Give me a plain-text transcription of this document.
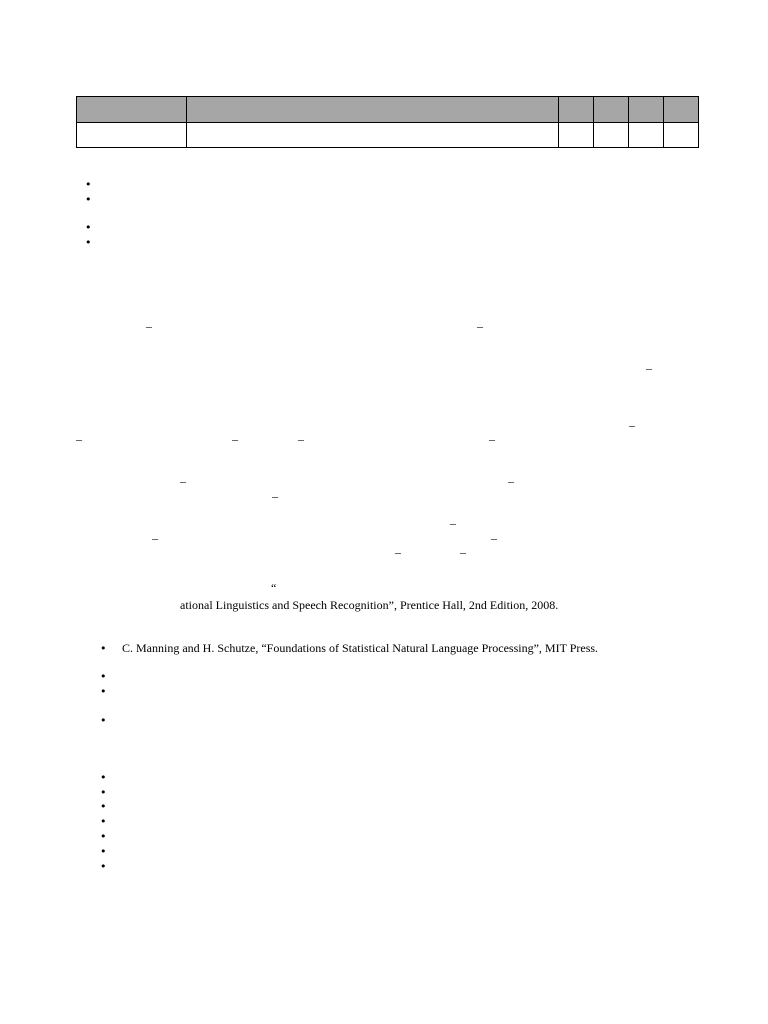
•
•
•
•
–	–
–
–
–	–	–	–
–	–
–
–
–	–
–	–
“
ational Linguistics and Speech Recognition”, Prentice Hall, 2nd Edition, 2008.
• C. Manning and H. Schutze, “Foundations of Statistical Natural Language Processing”, MIT Press.
•
•
•
•
•
•
•
•
•
•
